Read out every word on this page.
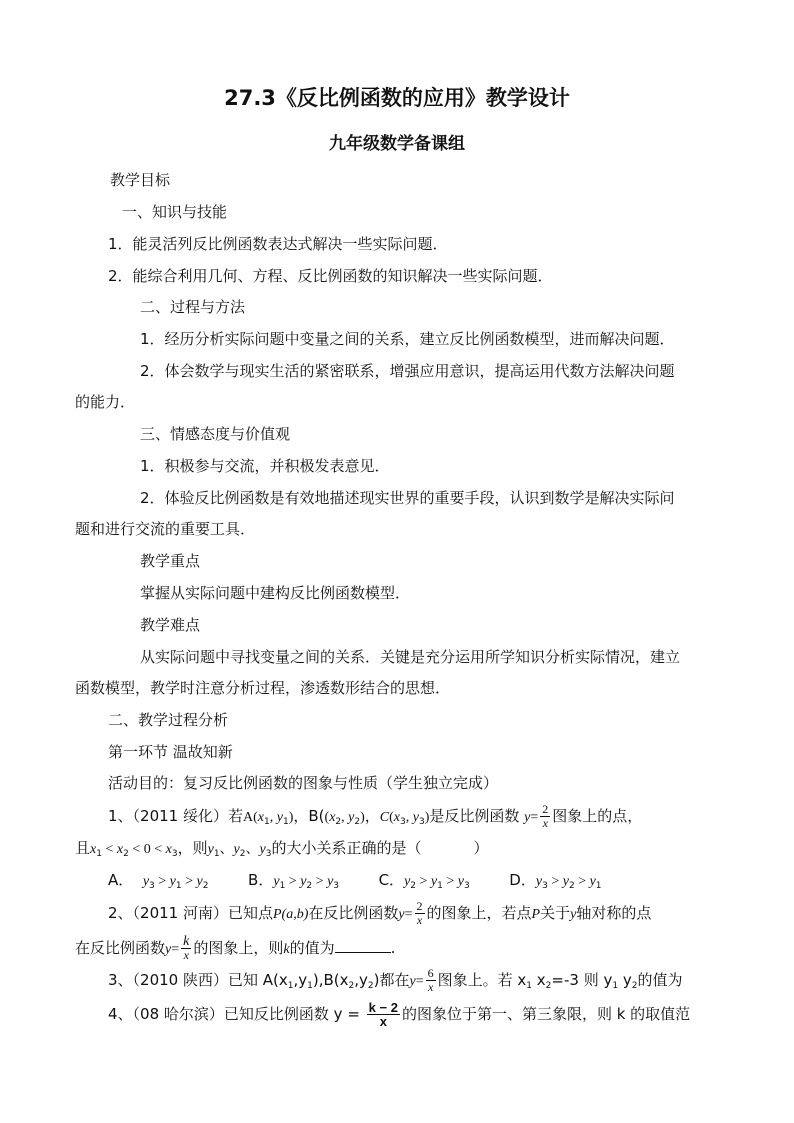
27.3《反比例函数的应用》教学设计
九年级数学备课组
教学目标
一、知识与技能
1．能灵活列反比例函数表达式解决一些实际问题．
2．能综合利用几何、方程、反比例函数的知识解决一些实际问题．
二、过程与方法
1．经历分析实际问题中变量之间的关系，建立反比例函数模型，进而解决问题．
2．体会数学与现实生活的紧密联系，增强应用意识，提高运用代数方法解决问题
的能力．
三、情感态度与价值观
1．积极参与交流，并积极发表意见．
2．体验反比例函数是有效地描述现实世界的重要手段，认识到数学是解决实际问
题和进行交流的重要工具．
教学重点
掌握从实际问题中建构反比例函数模型．
教学难点
从实际问题中寻找变量之间的关系．关键是充分运用所学知识分析实际情况，建立
函数模型，教学时注意分析过程，渗透数形结合的思想．
二、教学过程分析
第一环节 温故知新
活动目的：复习反比例函数的图象与性质（学生独立完成）
1、（2011 绥化）若$A(x_1$, $y_1$)，$B((x_2$, $y_2$)，$C(x_3$, $y_3$)是反比例函数 $y= \frac{2}{x}$ 图象上的点，
且$x_1 < x_2 < 0 < x_3$，则$y_1$、$y_2$、$y_3$的大小关系正确的是（	）
A． $y_3 > y_1 > y_2$	B．$y_1 > y_2 > y_3$	C．$y_2 > y_1 > y_3$	D．$y_3 > y_2 > y_1$
2、（2011 河南）已知点P(a,b)在反比例函数$y= \frac{2}{x}$ 的图象上，若点P关于y轴对称的点
在反比例函数$y= \frac{k}{x}$ 的图象上，则k的值为	.
3、（2010 陕西）已知 $A(x_1,y_1),B(x_2,y_2)$都在$y= \frac{6}{x}$ 图象上。若 $x_1$ $x_2=-3$ 则 $y_1$ $y_2$的值为
4、（08 哈尔滨）已知反比例函数 $y = \frac{k - 2}{x}$ 的图象位于第一、第三象限，则 k 的取值范
